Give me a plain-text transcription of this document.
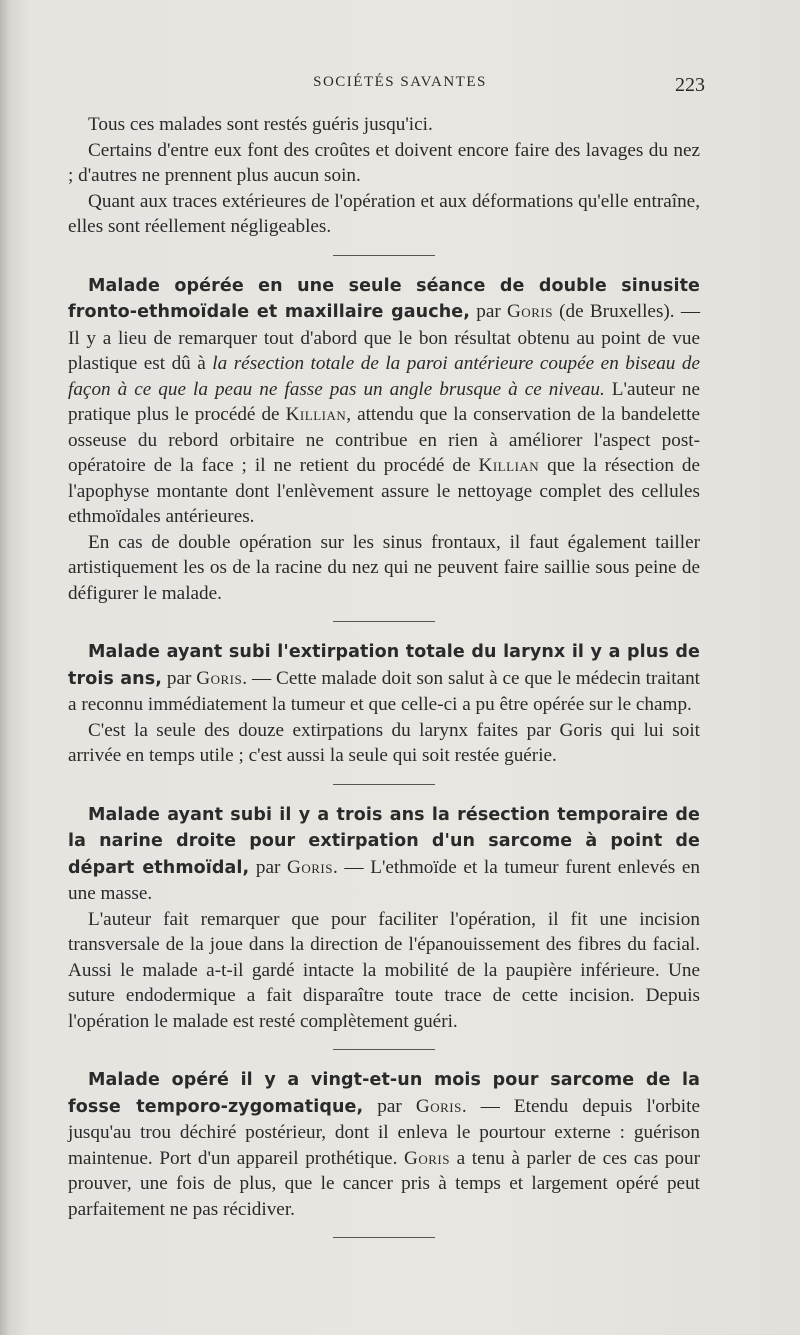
SOCIÉTÉS SAVANTES	223

Tous ces malades sont restés guéris jusqu'ici.

Certains d'entre eux font des croûtes et doivent encore faire des lavages du nez ; d'autres ne prennent plus aucun soin.

Quant aux traces extérieures de l'opération et aux déformations qu'elle entraîne, elles sont réellement négligeables.

Malade opérée en une seule séance de double sinusite fronto-ethmoïdale et maxillaire gauche, par Goris (de Bruxelles). — Il y a lieu de remarquer tout d'abord que le bon résultat obtenu au point de vue plastique est dû à la résection totale de la paroi antérieure coupée en biseau de façon à ce que la peau ne fasse pas un angle brusque à ce niveau. L'auteur ne pratique plus le procédé de Killian, attendu que la conservation de la bandelette osseuse du rebord orbitaire ne contribue en rien à améliorer l'aspect post-opératoire de la face ; il ne retient du procédé de Killian que la résection de l'apophyse montante dont l'enlèvement assure le nettoyage complet des cellules ethmoïdales antérieures.

En cas de double opération sur les sinus frontaux, il faut également tailler artistiquement les os de la racine du nez qui ne peuvent faire saillie sous peine de défigurer le malade.

Malade ayant subi l'extirpation totale du larynx il y a plus de trois ans, par Goris. — Cette malade doit son salut à ce que le médecin traitant a reconnu immédiatement la tumeur et que celle-ci a pu être opérée sur le champ.

C'est la seule des douze extirpations du larynx faites par Goris qui lui soit arrivée en temps utile ; c'est aussi la seule qui soit restée guérie.

Malade ayant subi il y a trois ans la résection temporaire de la narine droite pour extirpation d'un sarcome à point de départ ethmoïdal, par Goris. — L'ethmoïde et la tumeur furent enlevés en une masse.

L'auteur fait remarquer que pour faciliter l'opération, il fit une incision transversale de la joue dans la direction de l'épanouissement des fibres du facial. Aussi le malade a-t-il gardé intacte la mobilité de la paupière inférieure. Une suture endodermique a fait disparaître toute trace de cette incision. Depuis l'opération le malade est resté complètement guéri.

Malade opéré il y a vingt-et-un mois pour sarcome de la fosse temporo-zygomatique, par Goris. — Etendu depuis l'orbite jusqu'au trou déchiré postérieur, dont il enleva le pourtour externe : guérison maintenue. Port d'un appareil prothétique. Goris a tenu à parler de ces cas pour prouver, une fois de plus, que le cancer pris à temps et largement opéré peut parfaitement ne pas récidiver.
